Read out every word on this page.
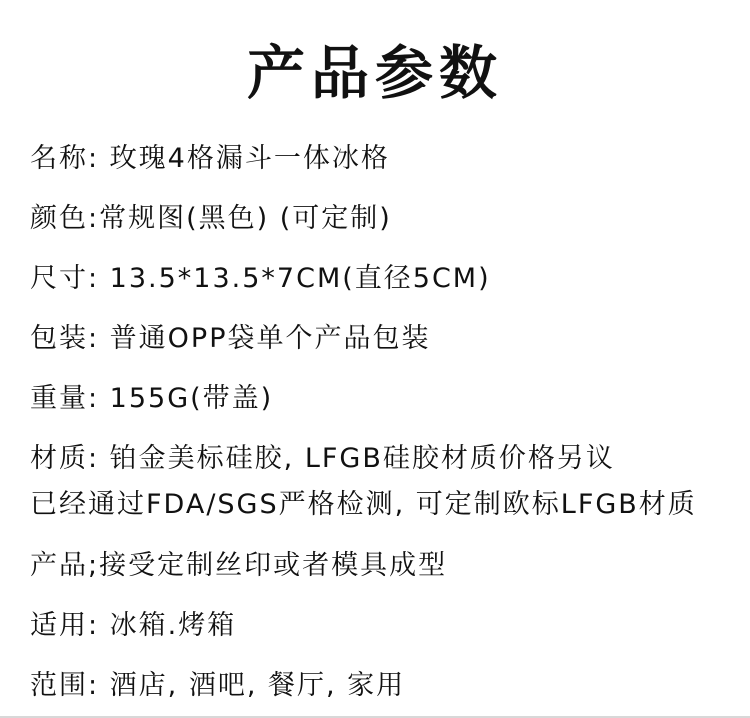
产品参数
名称: 玫瑰4格漏斗一体冰格
颜色:常规图(黑色) (可定制)
尺寸: 13.5*13.5*7CM(直径5CM)
包装: 普通OPP袋单个产品包装
重量: 155G(带盖)
材质: 铂金美标硅胶, LFGB硅胶材质价格另议
已经通过FDA/SGS严格检测, 可定制欧标LFGB材质
产品;接受定制丝印或者模具成型
适用: 冰箱.烤箱
范围: 酒店, 酒吧, 餐厅, 家用
